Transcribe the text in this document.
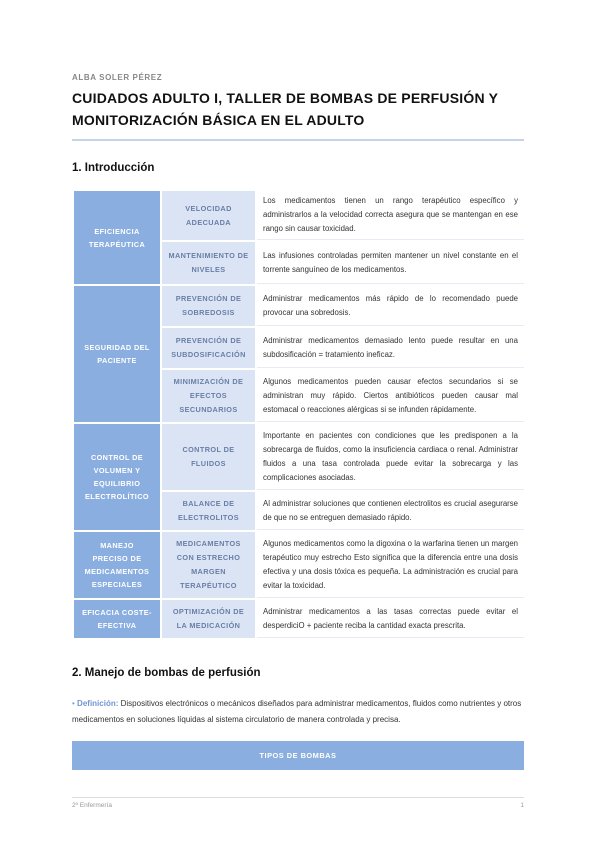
ALBA SOLER PÉREZ
CUIDADOS ADULTO I, TALLER DE BOMBAS DE PERFUSIÓN Y MONITORIZACIÓN BÁSICA EN EL ADULTO
1. Introducción
EFICIENCIA TERAPÉUTICA	VELOCIDAD ADECUADA	Los medicamentos tienen un rango terapéutico específico y administrarlos a la velocidad correcta asegura que se mantengan en ese rango sin causar toxicidad.
	MANTENIMIENTO DE NIVELES	Las infusiones controladas permiten mantener un nivel constante en el torrente sanguíneo de los medicamentos.
SEGURIDAD DEL PACIENTE	PREVENCIÓN DE SOBREDOSIS	Administrar medicamentos más rápido de lo recomendado puede provocar una sobredosis.
	PREVENCIÓN DE SUBDOSIFICACIÓN	Administrar medicamentos demasiado lento puede resultar en una subdosificación = tratamiento ineficaz.
	MINIMIZACIÓN DE EFECTOS SECUNDARIOS	Algunos medicamentos pueden causar efectos secundarios si se administran muy rápido. Ciertos antibióticos pueden causar mal estomacal o reacciones alérgicas si se infunden rápidamente.
CONTROL DE VOLUMEN Y EQUILIBRIO ELECTROLÍTICO	CONTROL DE FLUIDOS	Importante en pacientes con condiciones que les predisponen a la sobrecarga de fluidos, como la insuficiencia cardiaca o renal. Administrar fluidos a una tasa controlada puede evitar la sobrecarga y las complicaciones asociadas.
	BALANCE DE ELECTROLITOS	Al administrar soluciones que contienen electrolitos es crucial asegurarse de que no se entreguen demasiado rápido.
MANEJO PRECISO DE MEDICAMENTOS ESPECIALES	MEDICAMENTOS CON ESTRECHO MARGEN TERAPÉUTICO	Algunos medicamentos como la digoxina o la warfarina tienen un margen terapéutico muy estrecho Esto significa que la diferencia entre una dosis efectiva y una dosis tóxica es pequeña. La administración es crucial para evitar la toxicidad.
EFICACIA COSTE-EFECTIVA	OPTIMIZACIÓN DE LA MEDICACIÓN	Administrar medicamentos a las tasas correctas puede evitar el desperdiciO + paciente reciba la cantidad exacta prescrita.
2. Manejo de bombas de perfusión
• Definición: Dispositivos electrónicos o mecánicos diseñados para administrar medicamentos, fluidos como nutrientes y otros medicamentos en soluciones líquidas al sistema circulatorio de manera controlada y precisa.
TIPOS DE BOMBAS
2º Enfermería	1
